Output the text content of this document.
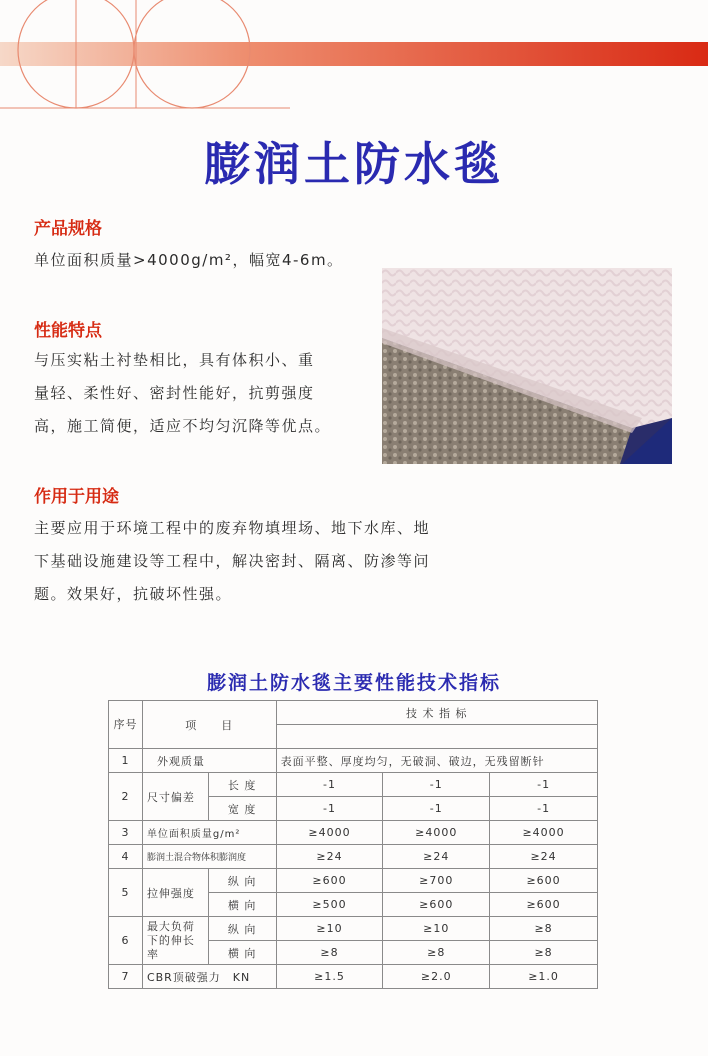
膨润土防水毯
产品规格
单位面积质量>4000g/m²，幅宽4-6m。
性能特点
与压实粘土衬垫相比，具有体积小、重
量轻、柔性好、密封性能好，抗剪强度
高，施工简便，适应不均匀沉降等优点。
作用于用途
主要应用于环境工程中的废弃物填埋场、地下水库、地
下基础设施建设等工程中，解决密封、隔离、防渗等问
题。效果好，抗破坏性强。
膨润土防水毯主要性能技术指标
序号	项　　目		技 术 指 标		

1	外观质量		表面平整、厚度均匀，无破洞、破边，无残留断针		
2	尺寸偏差	长 度	-1	-1	-1
		宽 度	-1	-1	-1
3	单位面积质量g/m²		≥4000	≥4000	≥4000
4	膨润土混合物体积膨润度		≥24	≥24	≥24
5	拉伸强度	纵 向	≥600	≥700	≥600
		横 向	≥500	≥600	≥600
6	最大负荷下的伸长率	纵 向	≥10	≥10	≥8
		横 向	≥8	≥8	≥8
7	CBR顶破强力　KN		≥1.5	≥2.0	≥1.0
